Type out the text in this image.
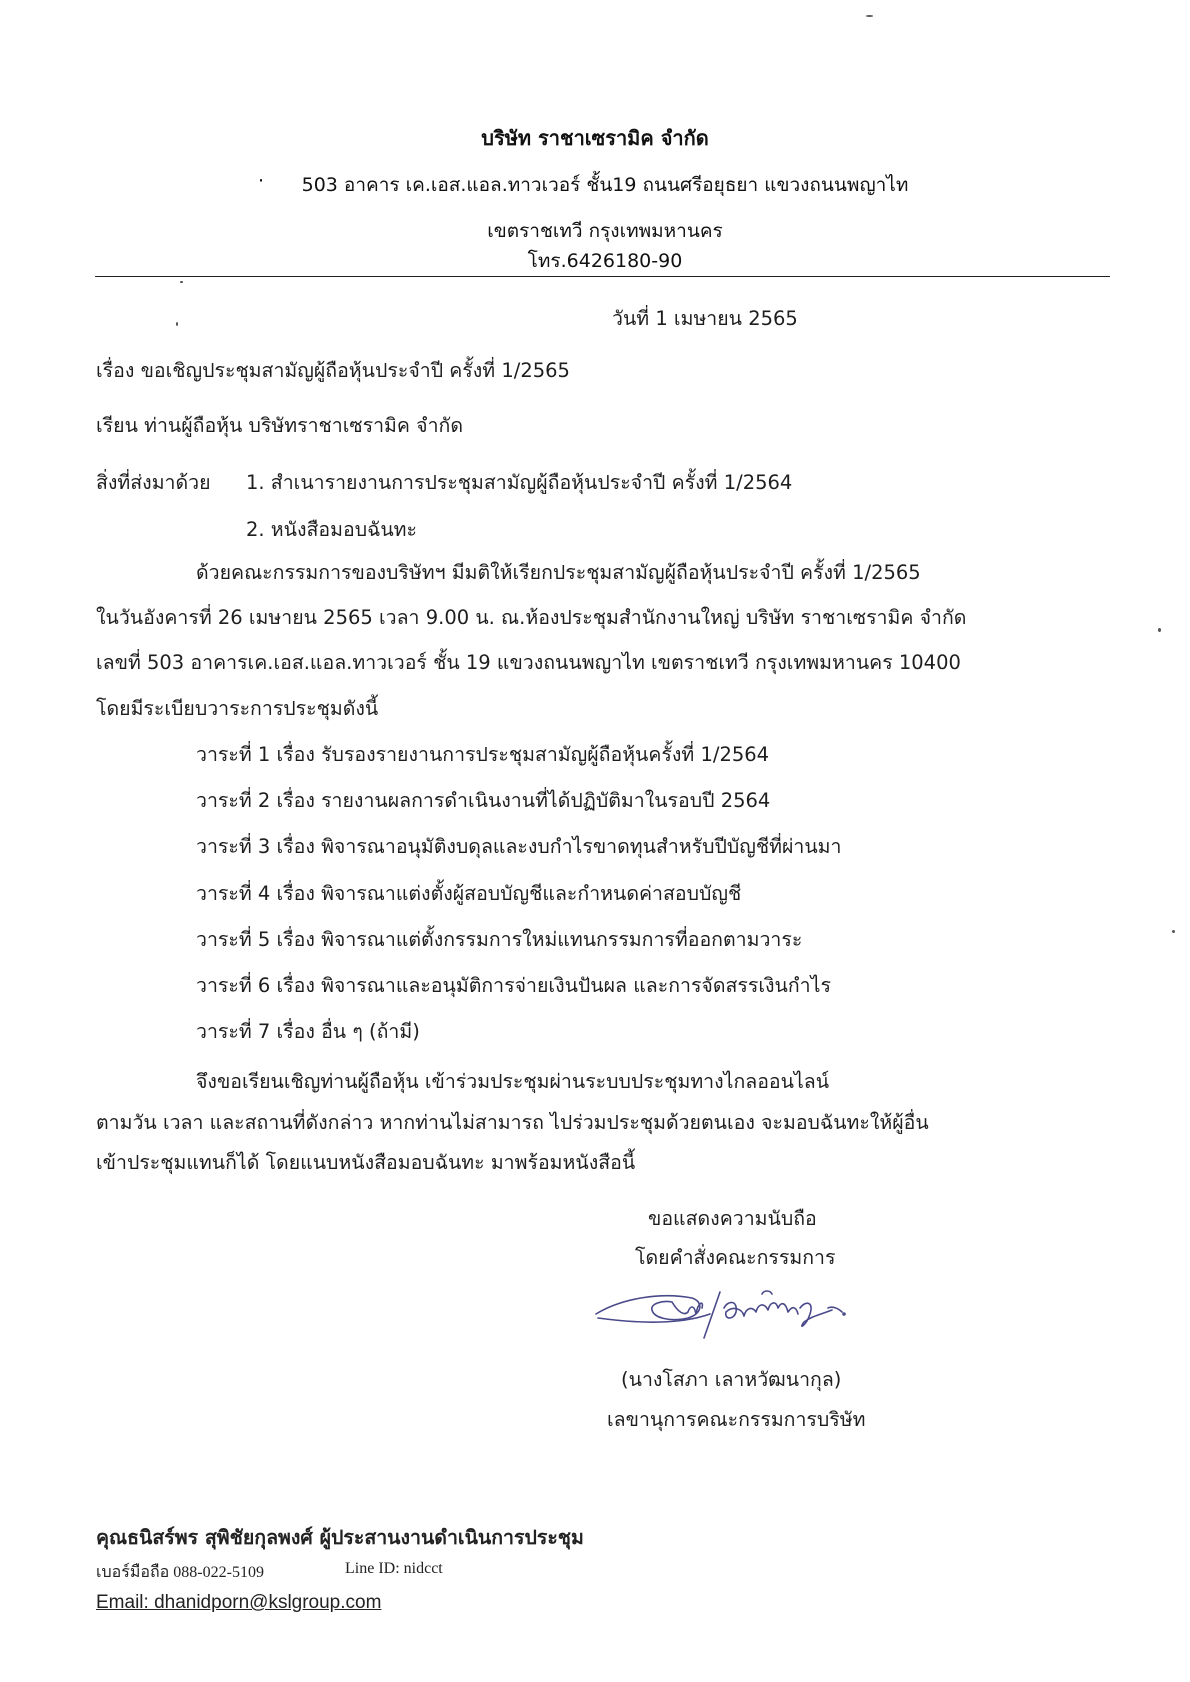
บริษัท ราชาเซรามิค จำกัด
·	503 อาคาร เค.เอส.แอล.ทาวเวอร์ ชั้น19 ถนนศรีอยุธยา แขวงถนนพญาไท
เขตราชเทวี กรุงเทพมหานคร
โทร.6426180-90
วันที่ 1 เมษายน 2565
เรื่อง ขอเชิญประชุมสามัญผู้ถือหุ้นประจำปี ครั้งที่ 1/2565
เรียน ท่านผู้ถือหุ้น บริษัทราชาเซรามิค จำกัด
สิ่งที่ส่งมาด้วย 1. สำเนารายงานการประชุมสามัญผู้ถือหุ้นประจำปี ครั้งที่ 1/2564
2. หนังสือมอบฉันทะ
ด้วยคณะกรรมการของบริษัทฯ มีมติให้เรียกประชุมสามัญผู้ถือหุ้นประจำปี ครั้งที่ 1/2565
ในวันอังคารที่ 26 เมษายน 2565 เวลา 9.00 น. ณ.ห้องประชุมสำนักงานใหญ่ บริษัท ราชาเซรามิค จำกัด
เลขที่ 503 อาคารเค.เอส.แอล.ทาวเวอร์ ชั้น 19 แขวงถนนพญาไท เขตราชเทวี กรุงเทพมหานคร 10400
โดยมีระเบียบวาระการประชุมดังนี้
วาระที่ 1 เรื่อง รับรองรายงานการประชุมสามัญผู้ถือหุ้นครั้งที่ 1/2564
วาระที่ 2 เรื่อง รายงานผลการดำเนินงานที่ได้ปฏิบัติมาในรอบปี 2564
วาระที่ 3 เรื่อง พิจารณาอนุมัติงบดุลและงบกำไรขาดทุนสำหรับปีบัญชีที่ผ่านมา
วาระที่ 4 เรื่อง พิจารณาแต่งตั้งผู้สอบบัญชีและกำหนดค่าสอบบัญชี
วาระที่ 5 เรื่อง พิจารณาแต่ตั้งกรรมการใหม่แทนกรรมการที่ออกตามวาระ
วาระที่ 6 เรื่อง พิจารณาและอนุมัติการจ่ายเงินปันผล และการจัดสรรเงินกำไร
วาระที่ 7 เรื่อง อื่น ๆ (ถ้ามี)
จึงขอเรียนเชิญท่านผู้ถือหุ้น เข้าร่วมประชุมผ่านระบบประชุมทางไกลออนไลน์
ตามวัน เวลา และสถานที่ดังกล่าว หากท่านไม่สามารถ ไปร่วมประชุมด้วยตนเอง จะมอบฉันทะให้ผู้อื่น
เข้าประชุมแทนก็ได้ โดยแนบหนังสือมอบฉันทะ มาพร้อมหนังสือนี้
ขอแสดงความนับถือ
โดยคำสั่งคณะกรรมการ
(นางโสภา เลาหวัฒนากุล)
เลขานุการคณะกรรมการบริษัท
คุณธนิสร์พร สุพิชัยกุลพงศ์ ผู้ประสานงานดำเนินการประชุม
เบอร์มือถือ 088-022-5109	Line ID: nidcct
Email: dhanidporn@kslgroup.com
